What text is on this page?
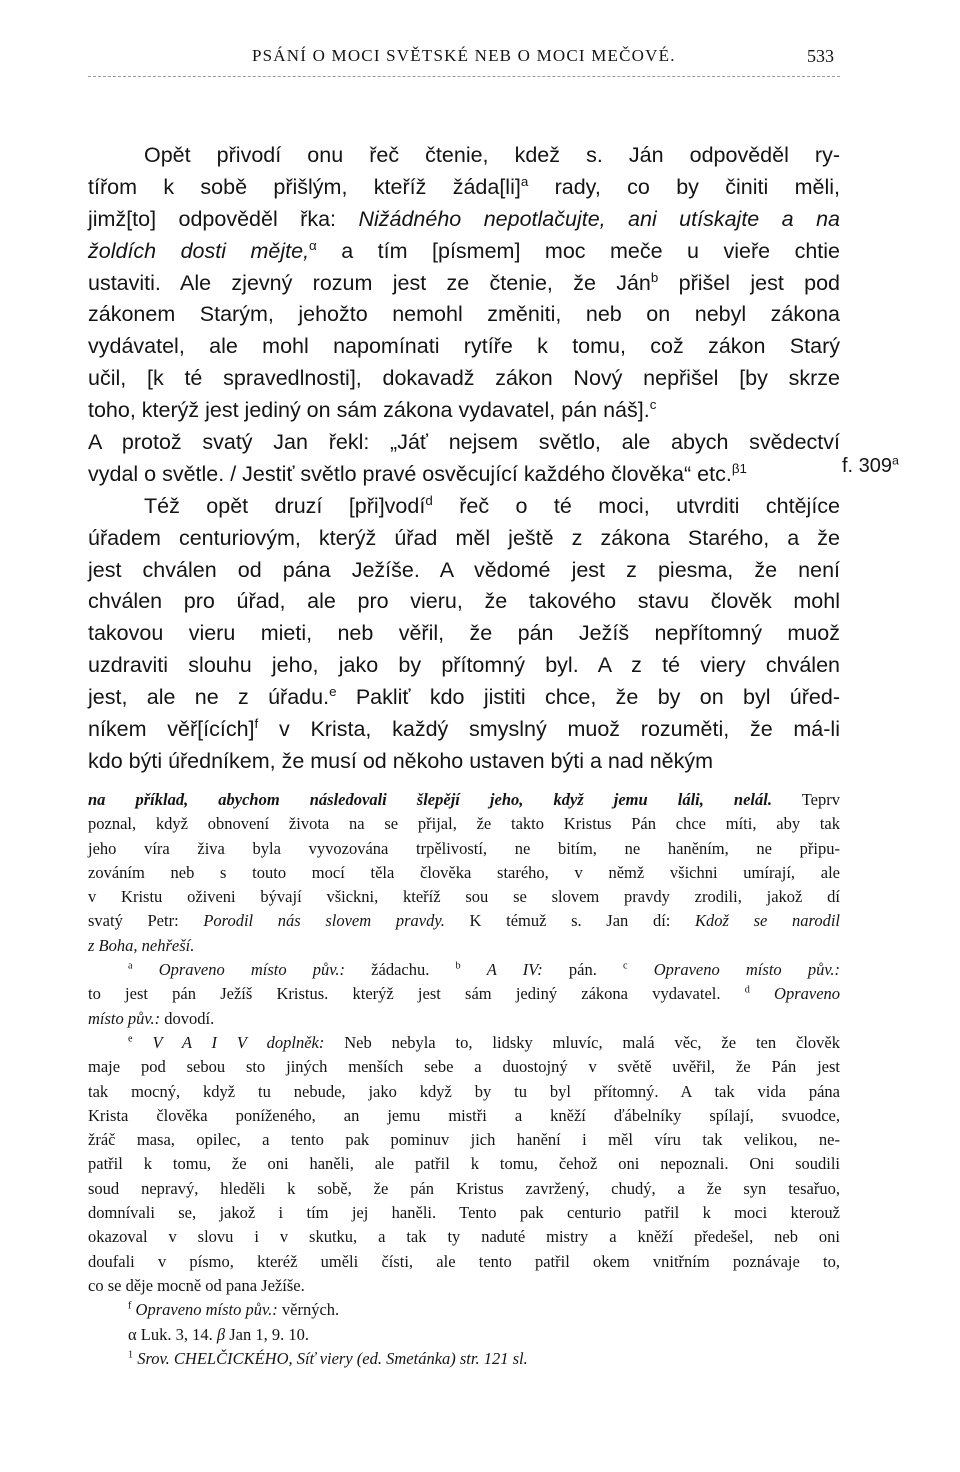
PSÁNÍ O MOCI SVĚTSKÉ NEB O MOCI MEČOVÉ.	533
Opět přivodí onu řeč čtenie, kdež s. Ján odpověděl ry-
tířom k sobě přišlým, kteříž žáda[li]$^a$ rady, co by činiti měli,
jimž[to] odpověděl řka: Nižádného nepotlačujte, ani utískajte a na
žoldích dosti mějte,$^\alpha$ a tím [písmem] moc meče u vieře chtie
ustaviti. Ale zjevný rozum jest ze čtenie, že Ján$^b$ přišel jest pod
zákonem Starým, jehožto nemohl změniti, neb on nebyl zákona
vydávatel, ale mohl napomínati rytíře k tomu, což zákon Starý
učil, [k té spravedlnosti], dokavadž zákon Nový nepřišel [by skrze
toho, kterýž jest jediný on sám zákona vydavatel, pán náš].$^c$
A protož svatý Jan řekl: „Jáť nejsem světlo, ale abych svědectví
vydal o světle. / Jestiť světlo pravé osvěcující každého člověka“ etc.$^{\beta 1}$
Též opět druzí [při]vodí$^d$ řeč o té moci, utvrditi chtějíce
úřadem centuriovým, kterýž úřad měl ještě z zákona Starého, a že
jest chválen od pána Ježíše. A vědomé jest z piesma, že není
chválen pro úřad, ale pro vieru, že takového stavu člověk mohl
takovou vieru mieti, neb věřil, že pán Ježíš nepřítomný muož
uzdraviti slouhu jeho, jako by přítomný byl. A z té viery chválen
jest, ale ne z úřadu.$^e$ Pakliť kdo jistiti chce, že by on byl úřed-
níkem věř[ících]$^f$ v Krista, každý smyslný muož rozuměti, že má-li
kdo býti úředníkem, že musí od někoho ustaven býti a nad někým
f. 309$^a$
na příklad, abychom následovali šlepějí jeho, když jemu láli, nelál. Teprv
poznal, když obnovení života na se přijal, že takto Kristus Pán chce míti, aby tak
jeho víra živa byla vyvozována trpělivostí, ne bitím, ne haněním, ne připu-
zováním neb s touto mocí těla člověka starého, v němž všichni umírají, ale
v Kristu oživeni bývají všickni, kteříž sou se slovem pravdy zrodili, jakož dí
svatý Petr: Porodil nás slovem pravdy. K témuž s. Jan dí: Kdož se narodil
z Boha, nehřeší.
$^a$ Opraveno místo pův.: žádachu. $^b$ A IV: pán. $^c$ Opraveno místo pův.:
to jest pán Ježíš Kristus. kterýž jest sám jediný zákona vydavatel. $^d$ Opraveno
místo pův.: dovodí.
$^e$ V A I V doplněk: Neb nebyla to, lidsky mluvíc, malá věc, že ten člověk
maje pod sebou sto jiných menších sebe a duostojný v světě uvěřil, že Pán jest
tak mocný, když tu nebude, jako když by tu byl přítomný. A tak vida pána
Krista člověka poníženého, an jemu mistři a kněží ďábelníky spílají, svuodce,
žráč masa, opilec, a tento pak pominuv jich hanění i měl víru tak velikou, ne-
patřil k tomu, že oni haněli, ale patřil k tomu, čehož oni nepoznali. Oni soudili
soud nepravý, hleděli k sobě, že pán Kristus zavržený, chudý, a že syn tesařuo,
domnívali se, jakož i tím jej haněli. Tento pak centurio patřil k moci kterouž
okazoval v slovu i v skutku, a tak ty naduté mistry a kněží předešel, neb oni
doufali v písmo, kteréž uměli čísti, ale tento patřil okem vnitřním poznávaje to,
co se děje mocně od pana Ježíše.
$^f$ Opraveno místo pův.: věrných.
α Luk. 3, 14. β Jan 1, 9. 10.
$^1$ Srov. CHELČICKÉHO, Síť viery (ed. Smetánka) str. 121 sl.
